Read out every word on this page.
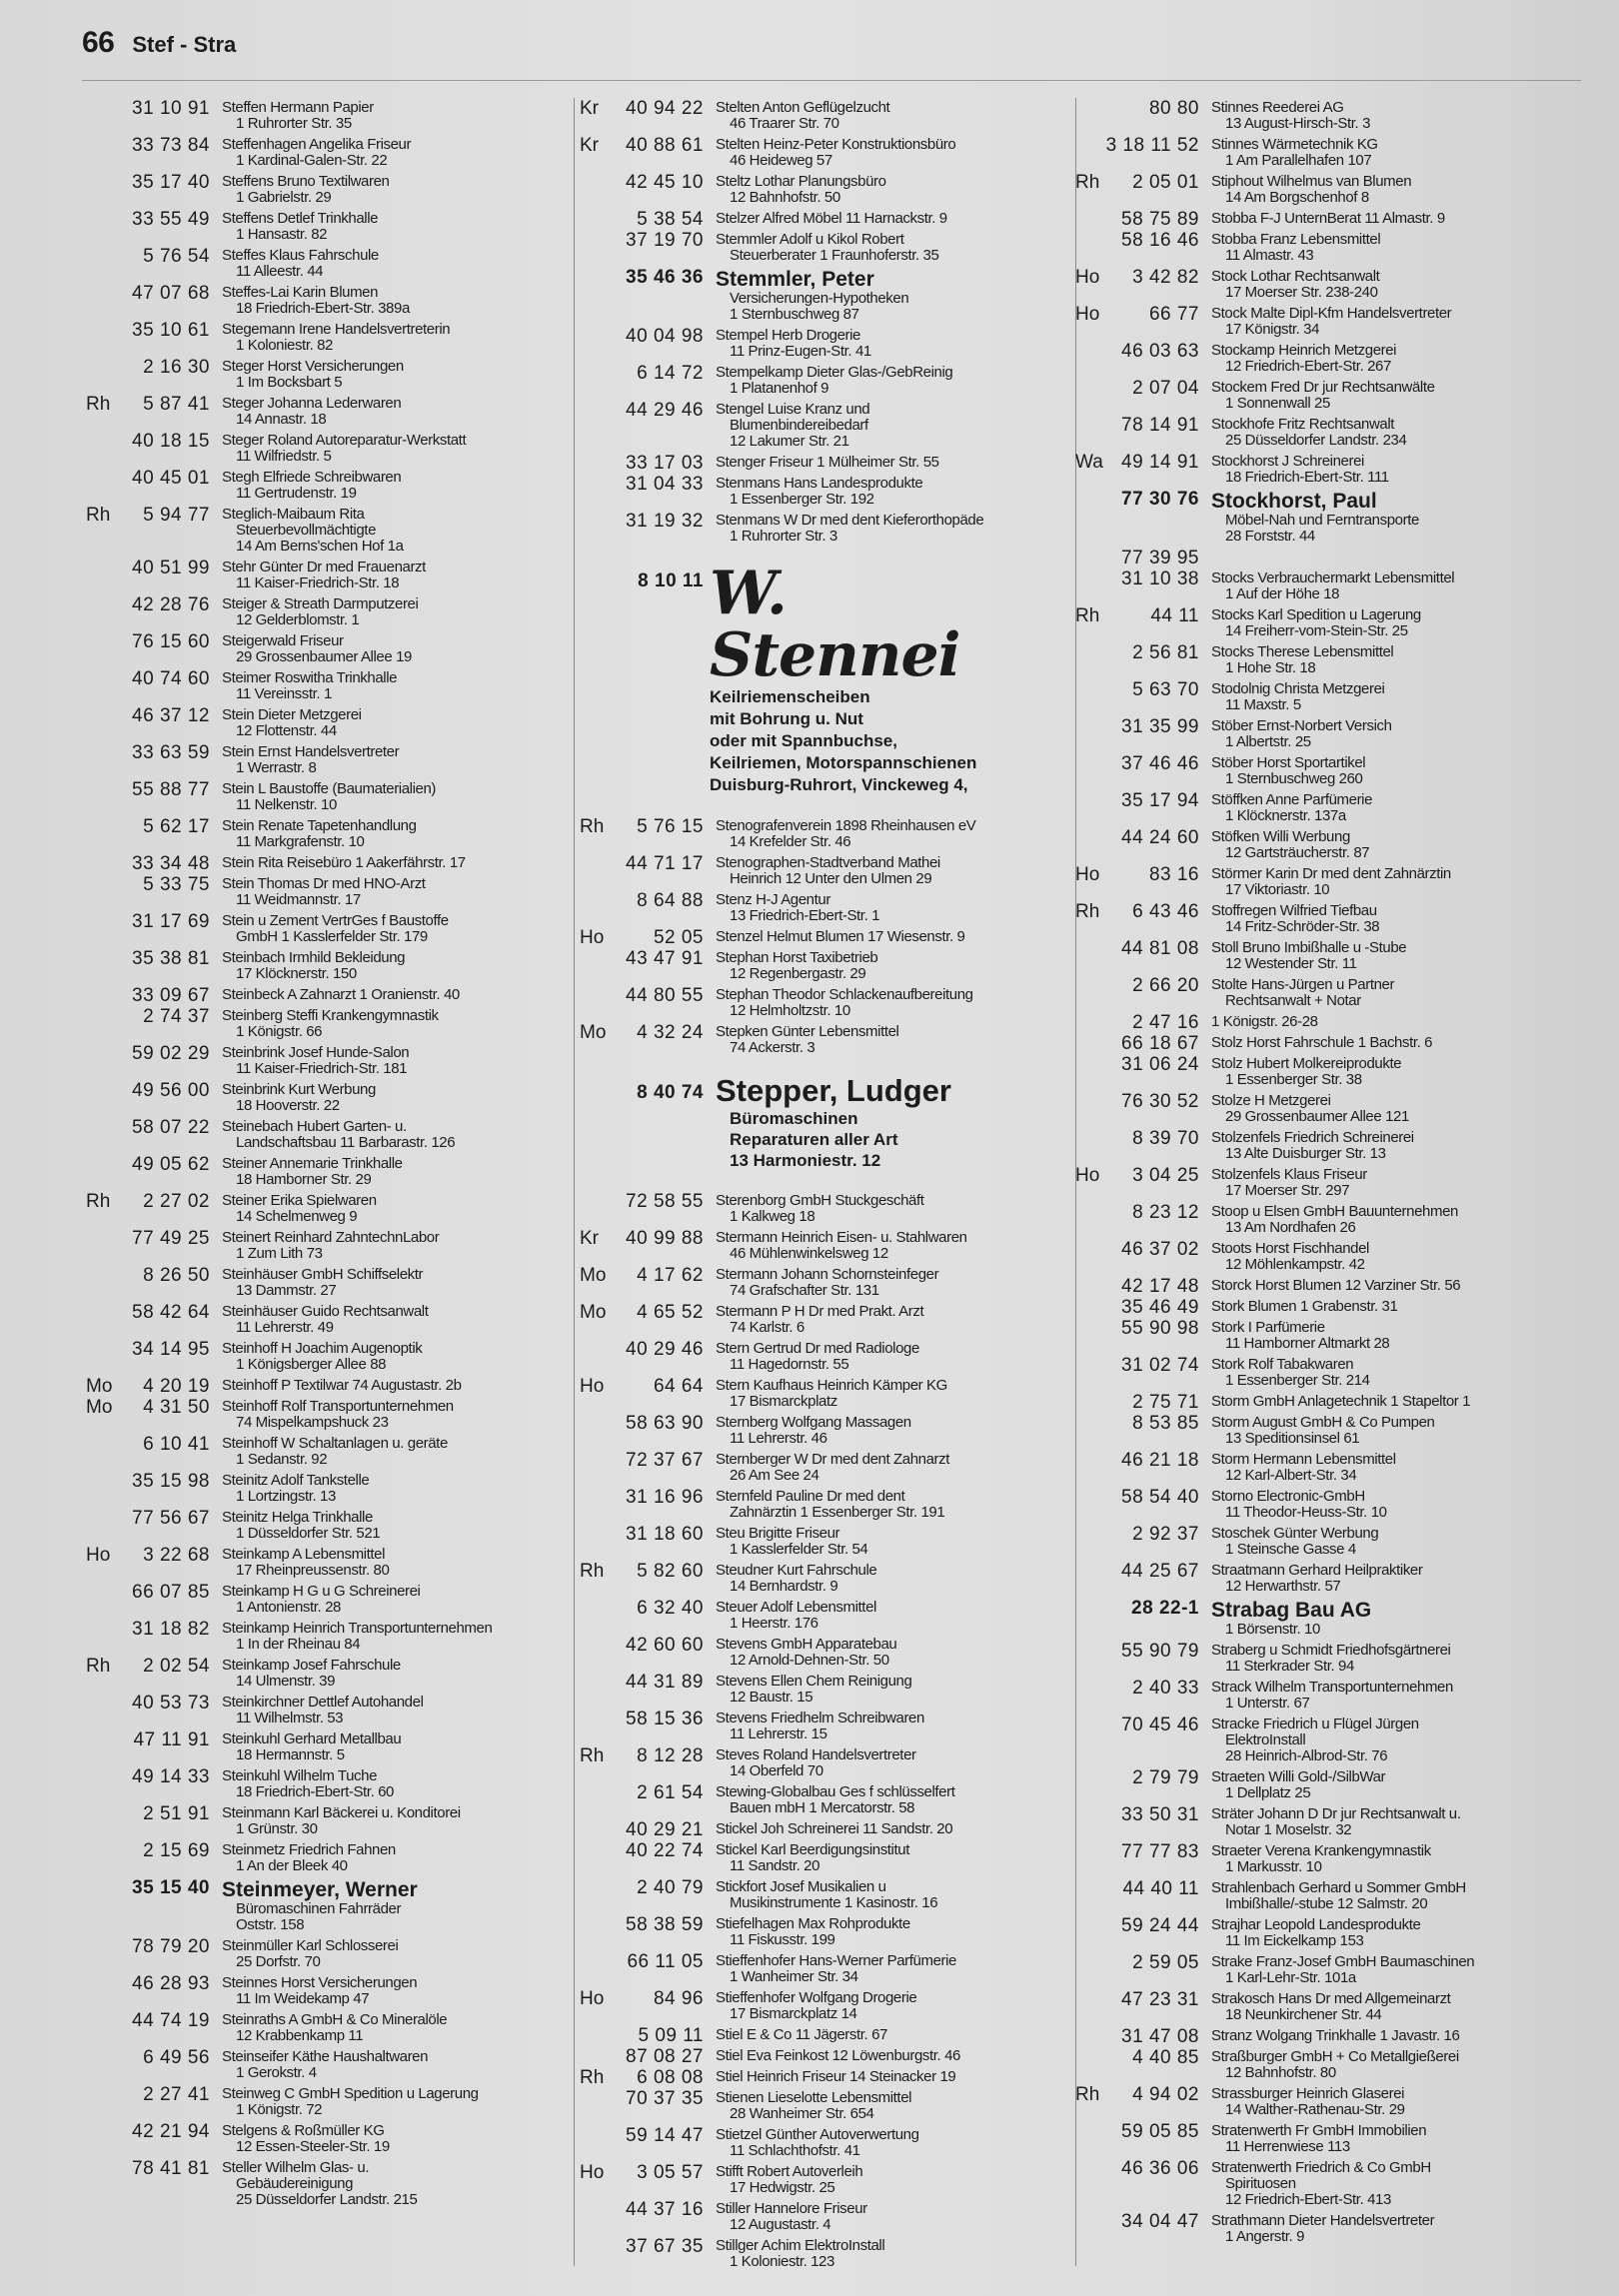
66 Stef - Stra
31 10 91 Steffen Hermann Papier
1 Ruhrorter Str. 35
33 73 84 Steffenhagen Angelika Friseur
1 Kardinal-Galen-Str. 22
35 17 40 Steffens Bruno Textilwaren
1 Gabrielstr. 29
33 55 49 Steffens Detlef Trinkhalle
1 Hansastr. 82
5 76 54 Steffes Klaus Fahrschule
11 Alleestr. 44
47 07 68 Steffes-Lai Karin Blumen
18 Friedrich-Ebert-Str. 389a
35 10 61 Stegemann Irene Handelsvertreterin
1 Koloniestr. 82
2 16 30 Steger Horst Versicherungen
1 Im Bocksbart 5
Rh	5 87 41 Steger Johanna Lederwaren
14 Annastr. 18
40 18 15 Steger Roland Autoreparatur-Werkstatt
11 Wilfriedstr. 5
40 45 01 Stegh Elfriede Schreibwaren
11 Gertrudenstr. 19
Rh	5 94 77 Steglich-Maibaum Rita
Steuerbevollmächtigte
14 Am Berns'schen Hof 1a
40 51 99 Stehr Günter Dr med Frauenarzt
11 Kaiser-Friedrich-Str. 18
42 28 76 Steiger & Streath Darmputzerei
12 Gelderblomstr. 1
76 15 60 Steigerwald Friseur
29 Grossenbaumer Allee 19
40 74 60 Steimer Roswitha Trinkhalle
11 Vereinsstr. 1
46 37 12 Stein Dieter Metzgerei
12 Flottenstr. 44
33 63 59 Stein Ernst Handelsvertreter
1 Werrastr. 8
55 88 77 Stein L Baustoffe (Baumaterialien)
11 Nelkenstr. 10
5 62 17 Stein Renate Tapetenhandlung
11 Markgrafenstr. 10
33 34 48 Stein Rita Reisebüro 1 Aakerfährstr. 17
5 33 75 Stein Thomas Dr med HNO-Arzt
11 Weidmannstr. 17
31 17 69 Stein u Zement VertrGes f Baustoffe
GmbH 1 Kasslerfelder Str. 179
35 38 81 Steinbach Irmhild Bekleidung
17 Klöcknerstr. 150
33 09 67 Steinbeck A Zahnarzt 1 Oranienstr. 40
2 74 37 Steinberg Steffi Krankengymnastik
1 Königstr. 66
59 02 29 Steinbrink Josef Hunde-Salon
11 Kaiser-Friedrich-Str. 181
49 56 00 Steinbrink Kurt Werbung
18 Hooverstr. 22
58 07 22 Steinebach Hubert Garten- u.
Landschaftsbau 11 Barbarastr. 126
49 05 62 Steiner Annemarie Trinkhalle
18 Hamborner Str. 29
Rh	2 27 02 Steiner Erika Spielwaren
14 Schelmenweg 9
77 49 25 Steinert Reinhard ZahntechnLabor
1 Zum Lith 73
8 26 50 Steinhäuser GmbH Schiffselektr
13 Dammstr. 27
58 42 64 Steinhäuser Guido Rechtsanwalt
11 Lehrerstr. 49
34 14 95 Steinhoff H Joachim Augenoptik
1 Königsberger Allee 88
Mo	4 20 19 Steinhoff P Textilwar 74 Augustastr. 2b
Mo	4 31 50 Steinhoff Rolf Transportunternehmen
74 Mispelkampshuck 23
6 10 41 Steinhoff W Schaltanlagen u. geräte
1 Sedanstr. 92
35 15 98 Steinitz Adolf Tankstelle
1 Lortzingstr. 13
77 56 67 Steinitz Helga Trinkhalle
1 Düsseldorfer Str. 521
Ho	3 22 68 Steinkamp A Lebensmittel
17 Rheinpreussenstr. 80
66 07 85 Steinkamp H G u G Schreinerei
1 Antonienstr. 28
31 18 82 Steinkamp Heinrich Transportunternehmen
1 In der Rheinau 84
Rh	2 02 54 Steinkamp Josef Fahrschule
14 Ulmenstr. 39
40 53 73 Steinkirchner Dettlef Autohandel
11 Wilhelmstr. 53
47 11 91 Steinkuhl Gerhard Metallbau
18 Hermannstr. 5
49 14 33 Steinkuhl Wilhelm Tuche
18 Friedrich-Ebert-Str. 60
2 51 91 Steinmann Karl Bäckerei u. Konditorei
1 Grünstr. 30
2 15 69 Steinmetz Friedrich Fahnen
1 An der Bleek 40
35 15 40 Steinmeyer, Werner
Büromaschinen Fahrräder
Oststr. 158
78 79 20 Steinmüller Karl Schlosserei
25 Dorfstr. 70
46 28 93 Steinnes Horst Versicherungen
11 Im Weidekamp 47
44 74 19 Steinraths A GmbH & Co Mineralöle
12 Krabbenkamp 11
6 49 56 Steinseifer Käthe Haushaltwaren
1 Gerokstr. 4
2 27 41 Steinweg C GmbH Spedition u Lagerung
1 Königstr. 72
42 21 94 Stelgens & Roßmüller KG
12 Essen-Steeler-Str. 19
78 41 81 Steller Wilhelm Glas- u.
Gebäudereinigung
25 Düsseldorfer Landstr. 215
Kr	40 94 22 Stelten Anton Geflügelzucht
46 Traarer Str. 70
Kr	40 88 61 Stelten Heinz-Peter Konstruktionsbüro
46 Heideweg 57
42 45 10 Steltz Lothar Planungsbüro
12 Bahnhofstr. 50
5 38 54 Stelzer Alfred Möbel 11 Harnackstr. 9
37 19 70 Stemmler Adolf u Kikol Robert
Steuerberater 1 Fraunhoferstr. 35
35 46 36 Stemmler, Peter
Versicherungen-Hypotheken
1 Sternbuschweg 87
40 04 98 Stempel Herb Drogerie
11 Prinz-Eugen-Str. 41
6 14 72 Stempelkamp Dieter Glas-/GebReinig
1 Platanenhof 9
44 29 46 Stengel Luise Kranz und
Blumenbindereibedarf
12 Lakumer Str. 21
33 17 03 Stenger Friseur 1 Mülheimer Str. 55
31 04 33 Stenmans Hans Landesprodukte
1 Essenberger Str. 192
31 19 32 Stenmans W Dr med dent Kieferorthopäde
1 Ruhrorter Str. 3
8 10 11 W. Stennei
Keilriemenscheiben
mit Bohrung u. Nut
oder mit Spannbuchse,
Keilriemen, Motorspannschienen
Duisburg-Ruhrort, Vinckeweg 4,
Rh	5 76 15 Stenografenverein 1898 Rheinhausen eV
14 Krefelder Str. 46
44 71 17 Stenographen-Stadtverband Mathei
Heinrich 12 Unter den Ulmen 29
8 64 88 Stenz H-J Agentur
13 Friedrich-Ebert-Str. 1
Ho	52 05 Stenzel Helmut Blumen 17 Wiesenstr. 9
43 47 91 Stephan Horst Taxibetrieb
12 Regenbergastr. 29
44 80 55 Stephan Theodor Schlackenaufbereitung
12 Helmholtzstr. 10
Mo	4 32 24 Stepken Günter Lebensmittel
74 Ackerstr. 3
8 40 74 Stepper, Ludger
Büromaschinen
Reparaturen aller Art
13 Harmoniestr. 12
72 58 55 Sterenborg GmbH Stuckgeschäft
1 Kalkweg 18
Kr	40 99 88 Stermann Heinrich Eisen- u. Stahlwaren
46 Mühlenwinkelsweg 12
Mo	4 17 62 Stermann Johann Schornsteinfeger
74 Grafschafter Str. 131
Mo	4 65 52 Stermann P H Dr med Prakt. Arzt
74 Karlstr. 6
40 29 46 Stern Gertrud Dr med Radiologe
11 Hagedornstr. 55
Ho	64 64 Stern Kaufhaus Heinrich Kämper KG
17 Bismarckplatz
58 63 90 Sternberg Wolfgang Massagen
11 Lehrerstr. 46
72 37 67 Sternberger W Dr med dent Zahnarzt
26 Am See 24
31 16 96 Sternfeld Pauline Dr med dent
Zahnärztin 1 Essenberger Str. 191
31 18 60 Steu Brigitte Friseur
1 Kasslerfelder Str. 54
Rh	5 82 60 Steudner Kurt Fahrschule
14 Bernhardstr. 9
6 32 40 Steuer Adolf Lebensmittel
1 Heerstr. 176
42 60 60 Stevens GmbH Apparatebau
12 Arnold-Dehnen-Str. 50
44 31 89 Stevens Ellen Chem Reinigung
12 Baustr. 15
58 15 36 Stevens Friedhelm Schreibwaren
11 Lehrerstr. 15
Rh	8 12 28 Steves Roland Handelsvertreter
14 Oberfeld 70
2 61 54 Stewing-Globalbau Ges f schlüsselfert
Bauen mbH 1 Mercatorstr. 58
40 29 21 Stickel Joh Schreinerei 11 Sandstr. 20
40 22 74 Stickel Karl Beerdigungsinstitut
11 Sandstr. 20
2 40 79 Stickfort Josef Musikalien u
Musikinstrumente 1 Kasinostr. 16
58 38 59 Stiefelhagen Max Rohprodukte
11 Fiskusstr. 199
66 11 05 Stieffenhofer Hans-Werner Parfümerie
1 Wanheimer Str. 34
Ho	84 96 Stieffenhofer Wolfgang Drogerie
17 Bismarckplatz 14
5 09 11 Stiel E & Co 11 Jägerstr. 67
87 08 27 Stiel Eva Feinkost 12 Löwenburgstr. 46
Rh	6 08 08 Stiel Heinrich Friseur 14 Steinacker 19
70 37 35 Stienen Lieselotte Lebensmittel
28 Wanheimer Str. 654
59 14 47 Stietzel Günther Autoverwertung
11 Schlachthofstr. 41
Ho	3 05 57 Stifft Robert Autoverleih
17 Hedwigstr. 25
44 37 16 Stiller Hannelore Friseur
12 Augustastr. 4
37 67 35 Stillger Achim ElektroInstall
1 Koloniestr. 123
80 80 Stinnes Reederei AG
13 August-Hirsch-Str. 3
3 18 11 52 Stinnes Wärmetechnik KG
1 Am Parallelhafen 107
Rh	2 05 01 Stiphout Wilhelmus van Blumen
14 Am Borgschenhof 8
58 75 89 Stobba F-J UnternBerat 11 Almastr. 9
58 16 46 Stobba Franz Lebensmittel
11 Almastr. 43
Ho	3 42 82 Stock Lothar Rechtsanwalt
17 Moerser Str. 238-240
Ho	66 77 Stock Malte Dipl-Kfm Handelsvertreter
17 Königstr. 34
46 03 63 Stockamp Heinrich Metzgerei
12 Friedrich-Ebert-Str. 267
2 07 04 Stockem Fred Dr jur Rechtsanwälte
1 Sonnenwall 25
78 14 91 Stockhofe Fritz Rechtsanwalt
25 Düsseldorfer Landstr. 234
Wa 49 14 91 Stockhorst J Schreinerei
18 Friedrich-Ebert-Str. 111
77 30 76 Stockhorst, Paul
Möbel-Nah und Ferntransporte
28 Forststr. 44
77 39 95
31 10 38 Stocks Verbrauchermarkt Lebensmittel
1 Auf der Höhe 18
Rh	44 11 Stocks Karl Spedition u Lagerung
14 Freiherr-vom-Stein-Str. 25
2 56 81 Stocks Therese Lebensmittel
1 Hohe Str. 18
5 63 70 Stodolnig Christa Metzgerei
11 Maxstr. 5
31 35 99 Stöber Ernst-Norbert Versich
1 Albertstr. 25
37 46 46 Stöber Horst Sportartikel
1 Sternbuschweg 260
35 17 94 Stöffken Anne Parfümerie
1 Klöcknerstr. 137a
44 24 60 Stöfken Willi Werbung
12 Gartsträucherstr. 87
Ho	83 16 Störmer Karin Dr med dent Zahnärztin
17 Viktoriastr. 10
Rh	6 43 46 Stoffregen Wilfried Tiefbau
14 Fritz-Schröder-Str. 38
44 81 08 Stoll Bruno Imbißhalle u -Stube
12 Westender Str. 11
2 66 20 Stolte Hans-Jürgen u Partner
Rechtsanwalt + Notar
2 47 16 1 Königstr. 26-28
66 18 67 Stolz Horst Fahrschule 1 Bachstr. 6
31 06 24 Stolz Hubert Molkereiprodukte
1 Essenberger Str. 38
76 30 52 Stolze H Metzgerei
29 Grossenbaumer Allee 121
8 39 70 Stolzenfels Friedrich Schreinerei
13 Alte Duisburger Str. 13
Ho	3 04 25 Stolzenfels Klaus Friseur
17 Moerser Str. 297
8 23 12 Stoop u Elsen GmbH Bauunternehmen
13 Am Nordhafen 26
46 37 02 Stoots Horst Fischhandel
12 Möhlenkampstr. 42
42 17 48 Storck Horst Blumen 12 Varziner Str. 56
35 46 49 Stork Blumen 1 Grabenstr. 31
55 90 98 Stork I Parfümerie
11 Hamborner Altmarkt 28
31 02 74 Stork Rolf Tabakwaren
1 Essenberger Str. 214
2 75 71 Storm GmbH Anlagetechnik 1 Stapeltor 1
8 53 85 Storm August GmbH & Co Pumpen
13 Speditionsinsel 61
46 21 18 Storm Hermann Lebensmittel
12 Karl-Albert-Str. 34
58 54 40 Storno Electronic-GmbH
11 Theodor-Heuss-Str. 10
2 92 37 Stoschek Günter Werbung
1 Steinsche Gasse 4
44 25 67 Straatmann Gerhard Heilpraktiker
12 Herwarthstr. 57
28 22-1 Strabag Bau AG
1 Börsenstr. 10
55 90 79 Straberg u Schmidt Friedhofsgärtnerei
11 Sterkrader Str. 94
2 40 33 Strack Wilhelm Transportunternehmen
1 Unterstr. 67
70 45 46 Stracke Friedrich u Flügel Jürgen
ElektroInstall
28 Heinrich-Albrod-Str. 76
2 79 79 Straeten Willi Gold-/SilbWar
1 Dellplatz 25
33 50 31 Sträter Johann D Dr jur Rechtsanwalt u.
Notar 1 Moselstr. 32
77 77 83 Straeter Verena Krankengymnastik
1 Markusstr. 10
44 40 11 Strahlenbach Gerhard u Sommer GmbH
Imbißhalle/-stube 12 Salmstr. 20
59 24 44 Strajhar Leopold Landesprodukte
11 Im Eickelkamp 153
2 59 05 Strake Franz-Josef GmbH Baumaschinen
1 Karl-Lehr-Str. 101a
47 23 31 Strakosch Hans Dr med Allgemeinarzt
18 Neunkirchener Str. 44
31 47 08 Stranz Wolgang Trinkhalle 1 Javastr. 16
4 40 85 Straßburger GmbH + Co Metallgießerei
12 Bahnhofstr. 80
Rh	4 94 02 Strassburger Heinrich Glaserei
14 Walther-Rathenau-Str. 29
59 05 85 Stratenwerth Fr GmbH Immobilien
11 Herrenwiese 113
46 36 06 Stratenwerth Friedrich & Co GmbH
Spirituosen
12 Friedrich-Ebert-Str. 413
34 04 47 Strathmann Dieter Handelsvertreter
1 Angerstr. 9
